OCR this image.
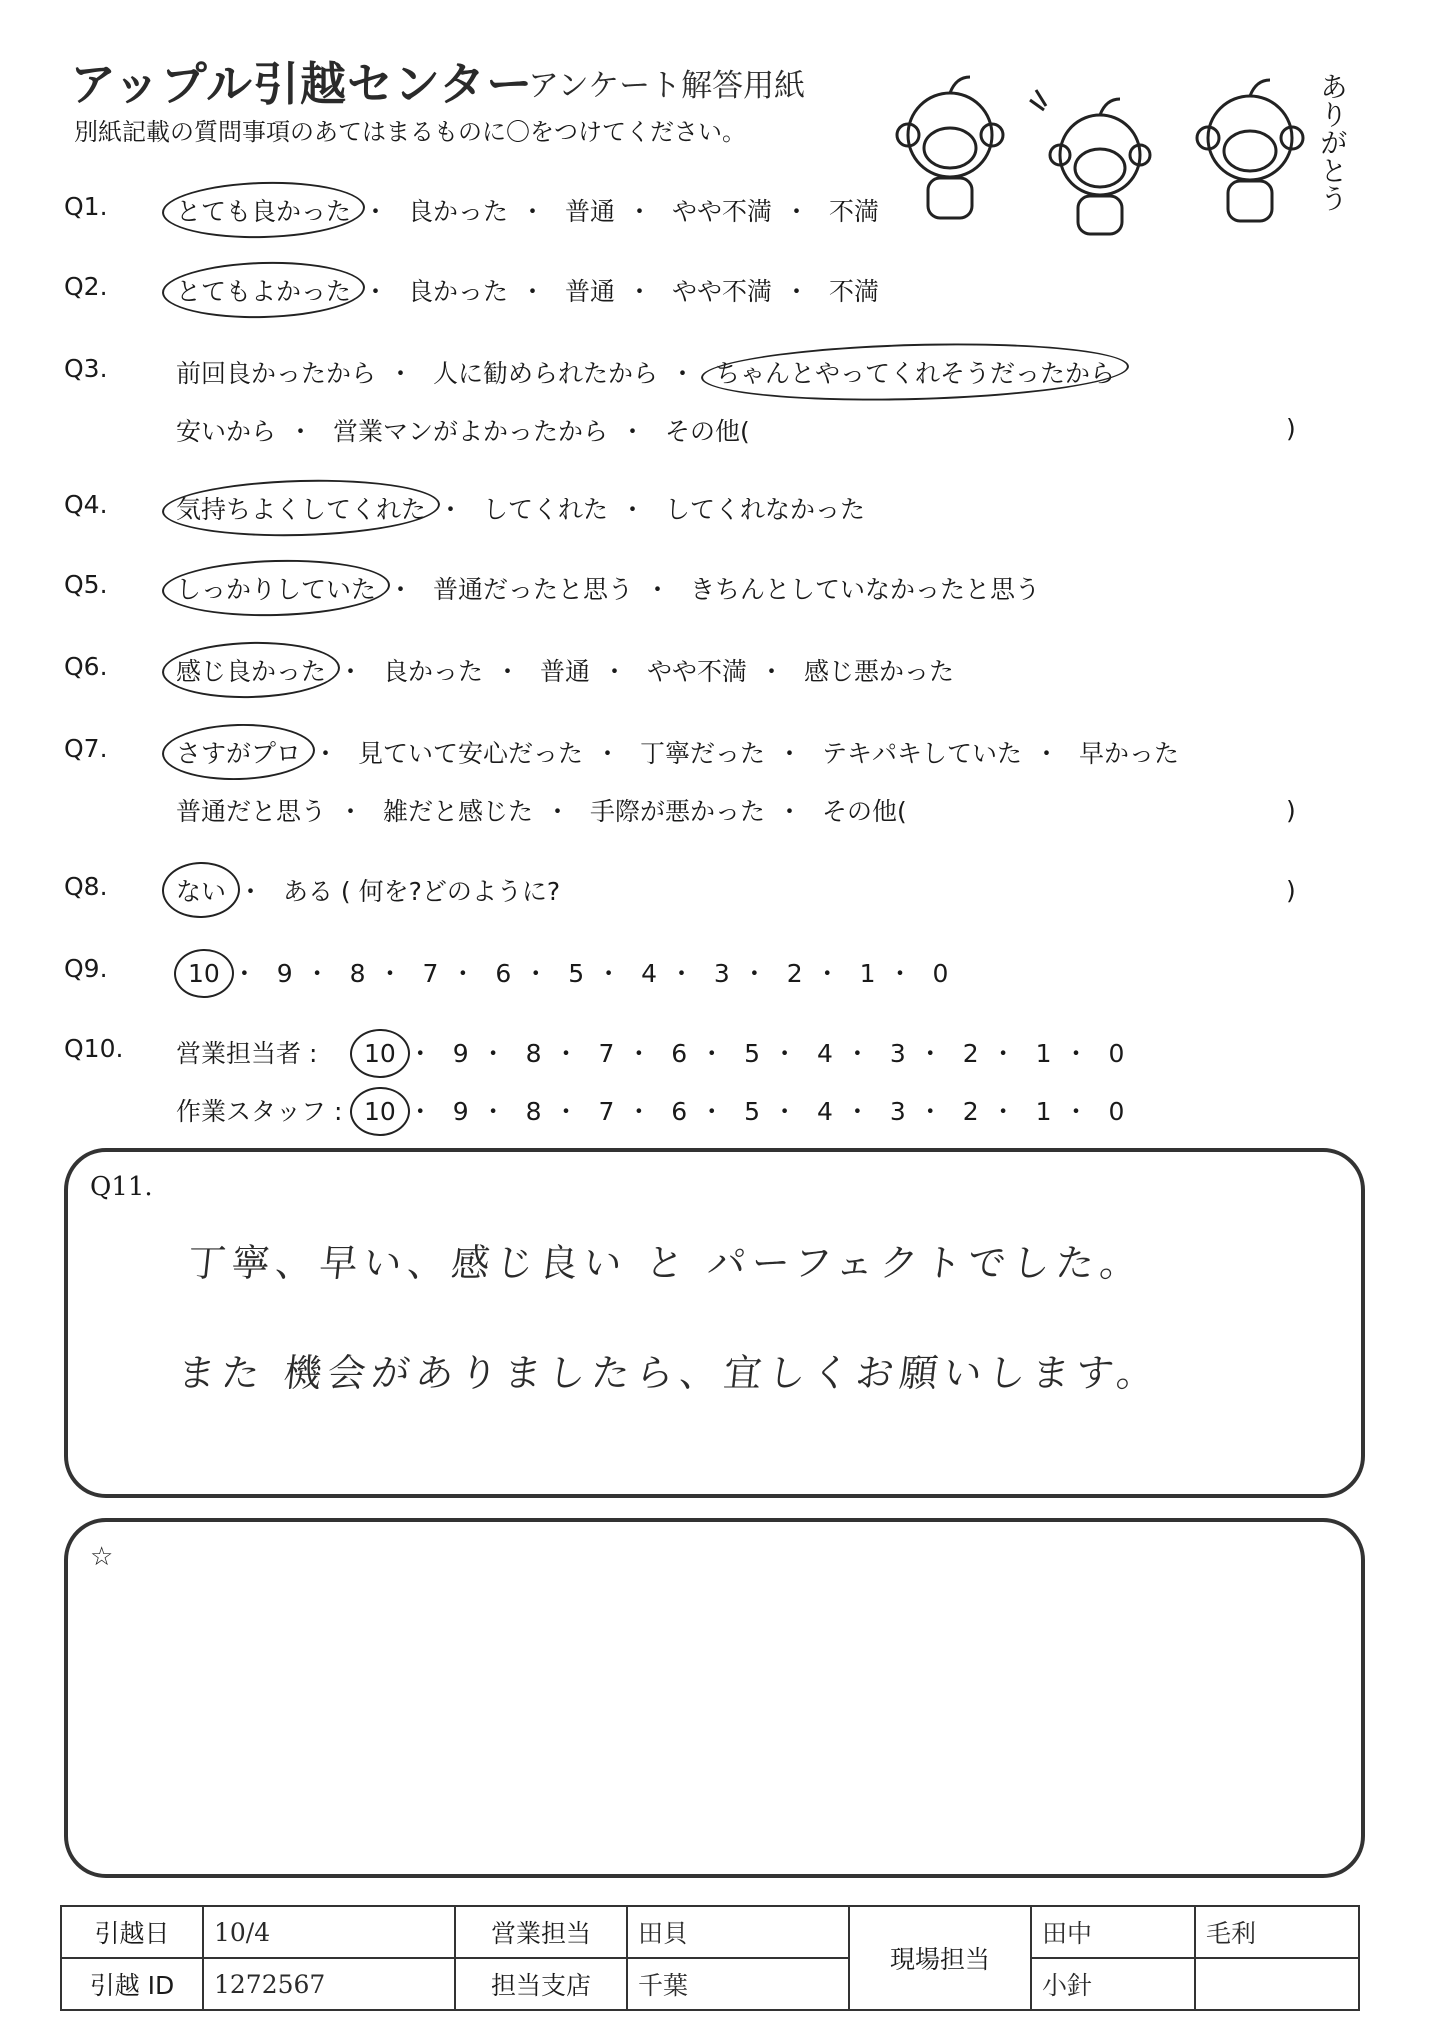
アップル引越センター
アンケート解答用紙
別紙記載の質問事項のあてはまるものに〇をつけてください。	ありがとう
Q1.	とても良かった ・ 良かった ・ 普通 ・ やや不満 ・ 不満
Q2.	とてもよかった ・ 良かった ・ 普通 ・ やや不満 ・ 不満
Q3.	前回良かったから ・ 人に勧められたから ・ ちゃんとやってくれそうだったから
安いから ・ 営業マンがよかったから ・ その他(	)
Q4.	気持ちよくしてくれた ・ してくれた ・ してくれなかった
Q5.	しっかりしていた ・ 普通だったと思う ・ きちんとしていなかったと思う
Q6.	感じ良かった ・ 良かった ・ 普通 ・ やや不満 ・ 感じ悪かった
Q7.	さすがプロ ・ 見ていて安心だった ・ 丁寧だった ・ テキパキしていた ・ 早かった
普通だと思う ・ 雑だと感じた ・ 手際が悪かった ・ その他(	)
Q8.	ない ・ ある ( 何を?どのように?	)
Q9.	10 ・ 9 ・ 8 ・ 7 ・ 6 ・ 5 ・ 4 ・ 3 ・ 2 ・ 1 ・ 0
Q10. 営業担当者 : 10 ・ 9 ・ 8 ・ 7 ・ 6 ・ 5 ・ 4 ・ 3 ・ 2 ・ 1 ・ 0
作業スタッフ : 10 ・ 9 ・ 8 ・ 7 ・ 6 ・ 5 ・ 4 ・ 3 ・ 2 ・ 1 ・ 0
Q11.
丁寧、早い、感じ良い と パーフェクトでした。
また 機会がありましたら、宜しくお願いします。
☆
引越日	10/4	営業担当	田貝	現場担当	田中	毛利
引越 ID	1272567	担当支店	千葉		小針	
